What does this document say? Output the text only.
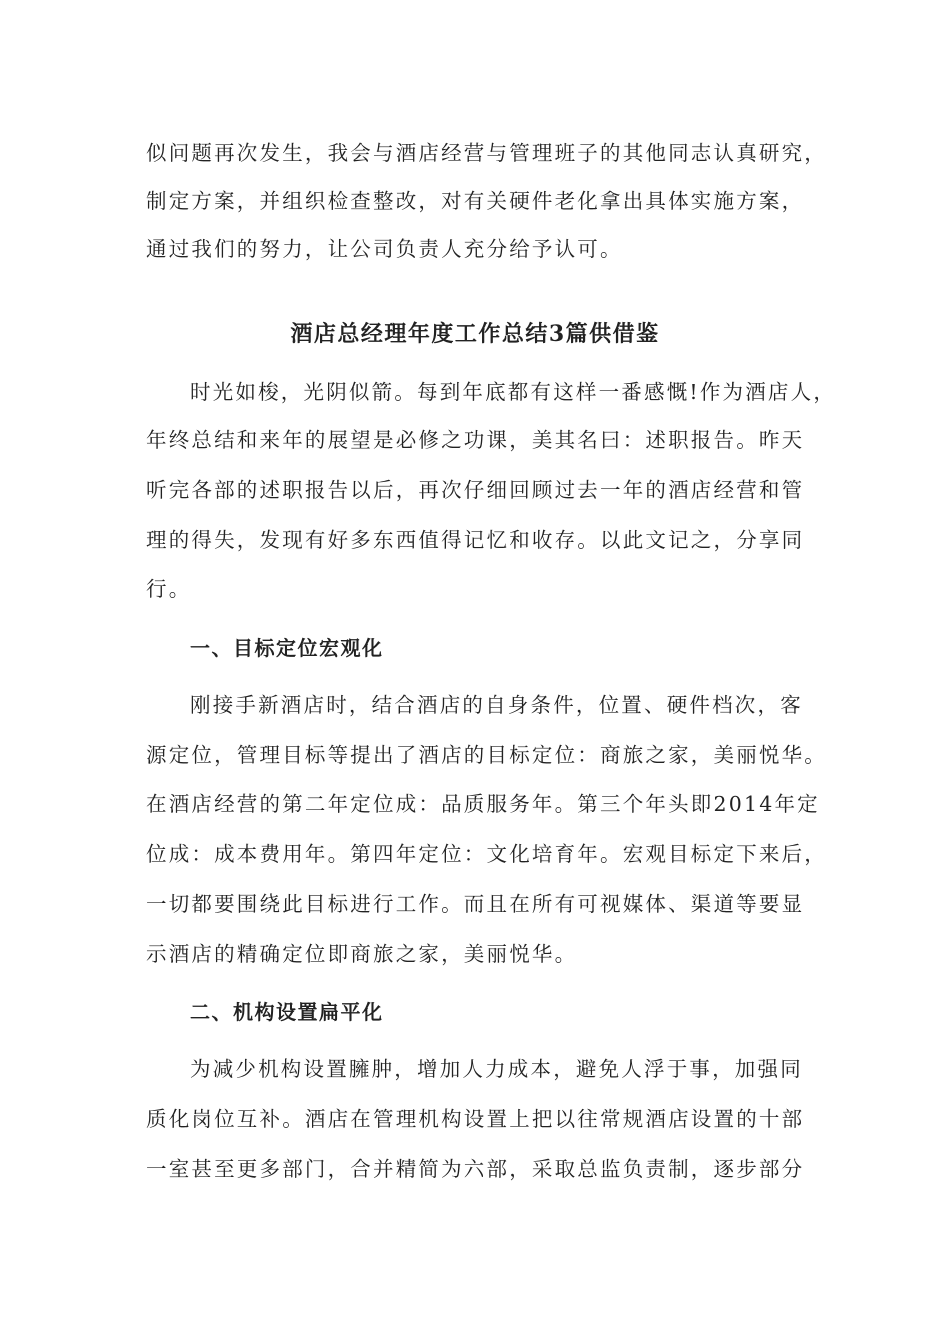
似问题再次发生，我会与酒店经营与管理班子的其他同志认真研究，
制定方案，并组织检查整改，对有关硬件老化拿出具体实施方案，
通过我们的努力，让公司负责人充分给予认可。
酒店总经理年度工作总结3篇供借鉴
时光如梭，光阴似箭。每到年底都有这样一番感慨!作为酒店人，
年终总结和来年的展望是必修之功课，美其名曰：述职报告。昨天
听完各部的述职报告以后，再次仔细回顾过去一年的酒店经营和管
理的得失，发现有好多东西值得记忆和收存。以此文记之，分享同
行。
一、目标定位宏观化
刚接手新酒店时，结合酒店的自身条件，位置、硬件档次，客
源定位，管理目标等提出了酒店的目标定位：商旅之家，美丽悦华。
在酒店经营的第二年定位成：品质服务年。第三个年头即2014年定
位成：成本费用年。第四年定位：文化培育年。宏观目标定下来后，
一切都要围绕此目标进行工作。而且在所有可视媒体、渠道等要显
示酒店的精确定位即商旅之家，美丽悦华。
二、机构设置扁平化
为减少机构设置臃肿，增加人力成本，避免人浮于事，加强同
质化岗位互补。酒店在管理机构设置上把以往常规酒店设置的十部
一室甚至更多部门，合并精简为六部，采取总监负责制，逐步部分
